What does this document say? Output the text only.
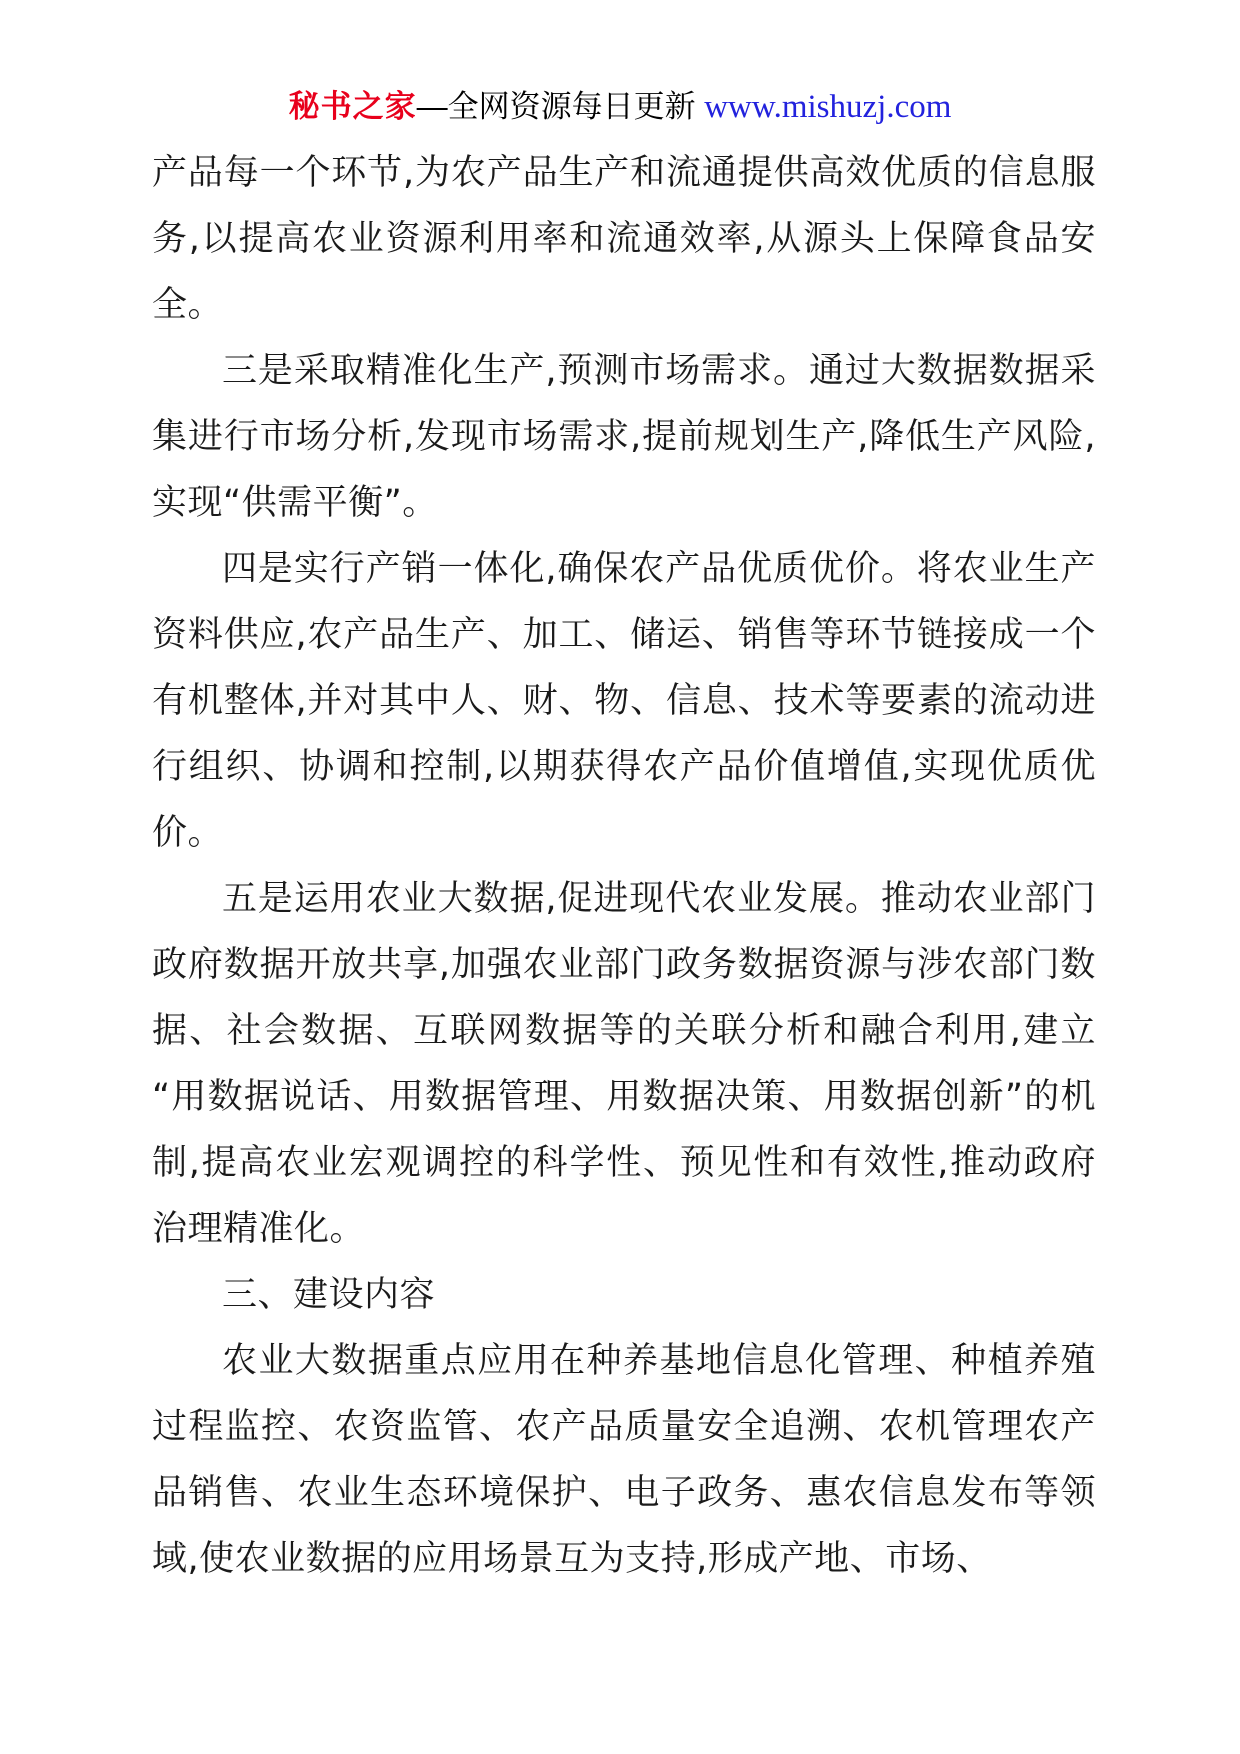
秘书之家—全网资源每日更新 www.mishuzj.com

产品每一个环节,为农产品生产和流通提供高效优质的信息服务,以提高农业资源利用率和流通效率,从源头上保障食品安全。

三是采取精准化生产,预测市场需求。通过大数据数据采集进行市场分析,发现市场需求,提前规划生产,降低生产风险,实现“供需平衡”。

四是实行产销一体化,确保农产品优质优价。将农业生产资料供应,农产品生产、加工、储运、销售等环节链接成一个有机整体,并对其中人、财、物、信息、技术等要素的流动进行组织、协调和控制,以期获得农产品价值增值,实现优质优价。

五是运用农业大数据,促进现代农业发展。推动农业部门政府数据开放共享,加强农业部门政务数据资源与涉农部门数据、社会数据、互联网数据等的关联分析和融合利用,建立“用数据说话、用数据管理、用数据决策、用数据创新”的机制,提高农业宏观调控的科学性、预见性和有效性,推动政府治理精准化。

三、建设内容

农业大数据重点应用在种养基地信息化管理、种植养殖过程监控、农资监管、农产品质量安全追溯、农机管理农产品销售、农业生态环境保护、电子政务、惠农信息发布等领域,使农业数据的应用场景互为支持,形成产地、市场、
